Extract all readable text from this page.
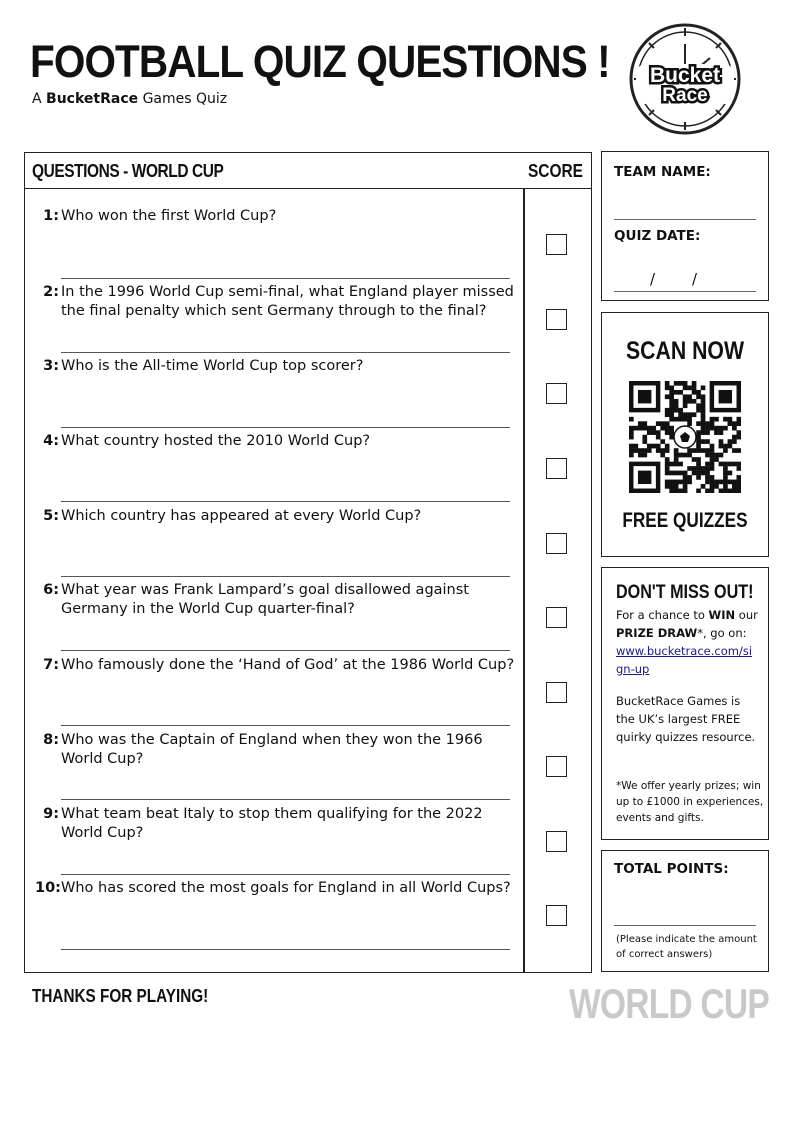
FOOTBALL QUIZ QUESTIONS !
A BucketRace Games Quiz
Bucket
Race
QUESTIONS - WORLD CUP	SCORE
1: Who won the first World Cup?
2: In the 1996 World Cup semi-final, what England player missed the final penalty which sent Germany through to the final?
3: Who is the All-time World Cup top scorer?
4: What country hosted the 2010 World Cup?
5: Which country has appeared at every World Cup?
6: What year was Frank Lampard’s goal disallowed against Germany in the World Cup quarter-final?
7: Who famously done the ‘Hand of God’ at the 1986 World Cup?
8: Who was the Captain of England when they won the 1966 World Cup?
9: What team beat Italy to stop them qualifying for the 2022 World Cup?
10: Who has scored the most goals for England in all World Cups?
TEAM NAME:
QUIZ DATE:
/ /
SCAN NOW
FREE QUIZZES
DON'T MISS OUT!
For a chance to WIN our PRIZE DRAW*, go on:
www.bucketrace.com/sign-up
BucketRace Games is the UK’s largest FREE quirky quizzes resource.
*We offer yearly prizes; win up to £1000 in experiences, events and gifts.
TOTAL POINTS:
(Please indicate the amount of correct answers)
THANKS FOR PLAYING!	WORLD CUP
